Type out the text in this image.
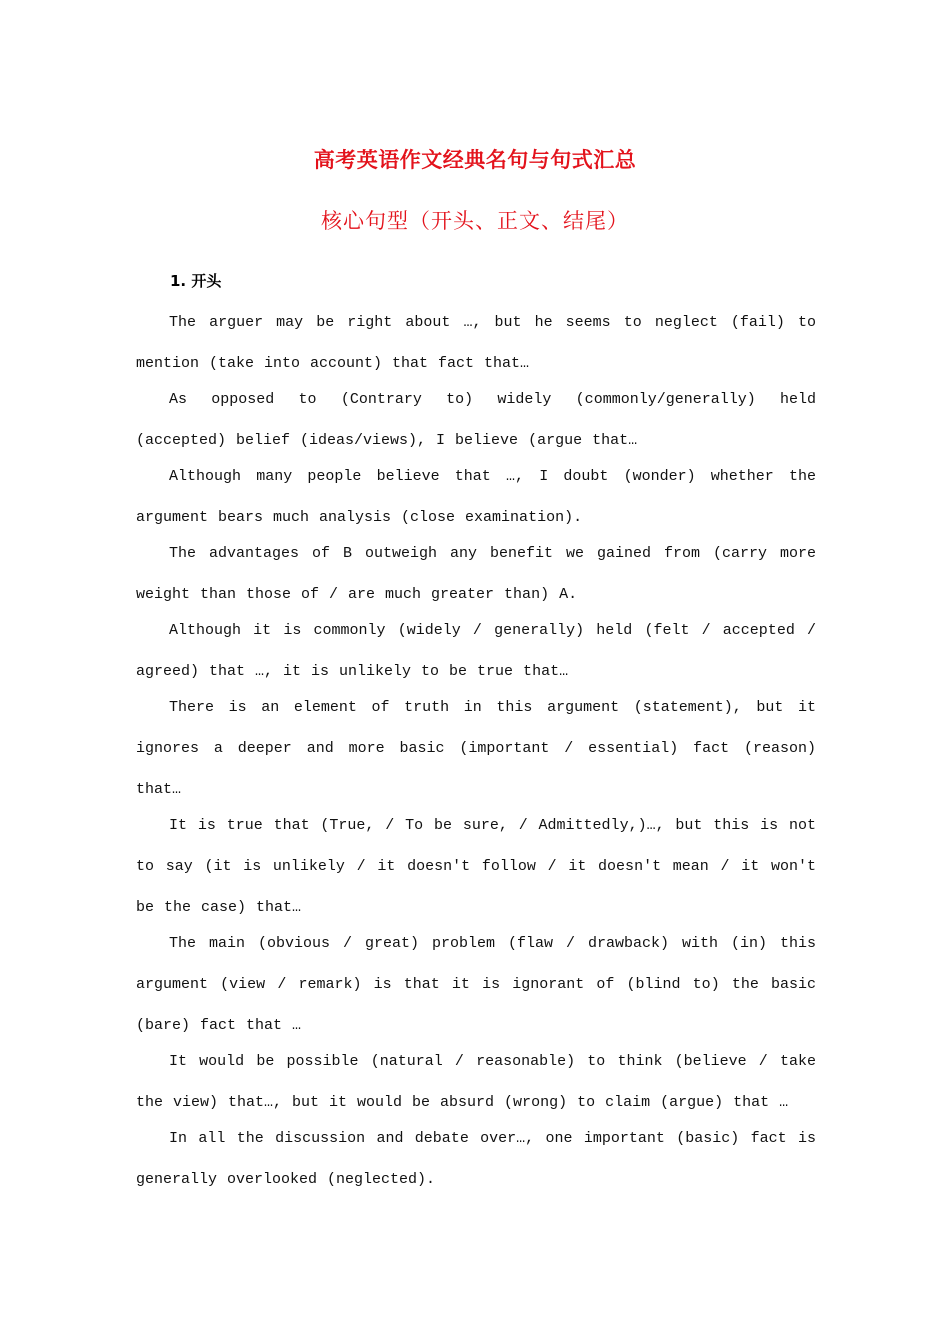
高考英语作文经典名句与句式汇总
核心句型（开头、正文、结尾）
1. 开头

The arguer may be right about …, but he seems to neglect (fail) to mention (take into account) that fact that…

As opposed to (Contrary to) widely (commonly/generally) held (accepted) belief (ideas/views), I believe (argue that…

Although many people believe that …, I doubt (wonder) whether the argument bears much analysis (close examination).

The advantages of B outweigh any benefit we gained from (carry more weight than those of / are much greater than) A.

Although it is commonly (widely / generally) held (felt / accepted / agreed) that …, it is unlikely to be true that…

There is an element of truth in this argument (statement), but it ignores a deeper and more basic (important / essential) fact (reason) that…

It is true that (True, / To be sure, / Admittedly,)…, but this is not to say (it is unlikely / it doesn't follow / it doesn't mean / it won't be the case) that…

The main (obvious / great) problem (flaw / drawback) with (in) this argument (view / remark) is that it is ignorant of (blind to) the basic (bare) fact that …

It would be possible (natural / reasonable) to think (believe / take the view) that…, but it would be absurd (wrong) to claim (argue) that …

In all the discussion and debate over…, one important (basic) fact is generally overlooked (neglected).
